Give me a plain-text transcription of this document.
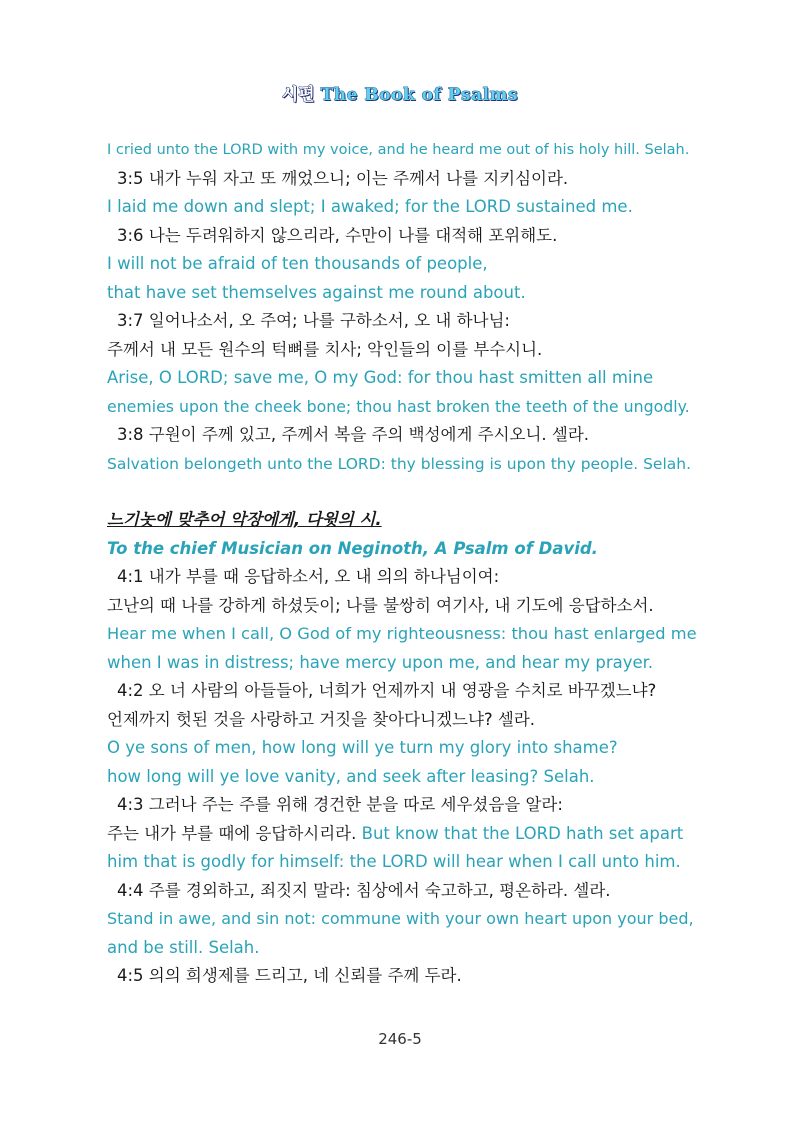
시편 The Book of Psalms
I cried unto the LORD with my voice, and he heard me out of his holy hill. Selah.
3:5 내가 누워 자고 또 깨었으니; 이는 주께서 나를 지키심이라.
I laid me down and slept; I awaked; for the LORD sustained me.
3:6 나는 두려워하지 않으리라, 수만이 나를 대적해 포위해도.
I will not be afraid of ten thousands of people,
that have set themselves against me round about.
3:7 일어나소서, 오 주여; 나를 구하소서, 오 내 하나님:
주께서 내 모든 원수의 턱뼈를 치사; 악인들의 이를 부수시니.
Arise, O LORD; save me, O my God: for thou hast smitten all mine
enemies upon the cheek bone; thou hast broken the teeth of the ungodly.
3:8 구원이 주께 있고, 주께서 복을 주의 백성에게 주시오니. 셀라.
Salvation belongeth unto the LORD: thy blessing is upon thy people. Selah.
느기놋에 맞추어 악장에게, 다윗의 시.
To the chief Musician on Neginoth, A Psalm of David.
4:1 내가 부를 때 응답하소서, 오 내 의의 하나님이여:
고난의 때 나를 강하게 하셨듯이; 나를 불쌍히 여기사, 내 기도에 응답하소서.
Hear me when I call, O God of my righteousness: thou hast enlarged me
when I was in distress; have mercy upon me, and hear my prayer.
4:2 오 너 사람의 아들들아, 너희가 언제까지 내 영광을 수치로 바꾸겠느냐?
언제까지 헛된 것을 사랑하고 거짓을 찾아다니겠느냐? 셀라.
O ye sons of men, how long will ye turn my glory into shame?
how long will ye love vanity, and seek after leasing? Selah.
4:3 그러나 주는 주를 위해 경건한 분을 따로 세우셨음을 알라:
주는 내가 부를 때에 응답하시리라. But know that the LORD hath set apart
him that is godly for himself: the LORD will hear when I call unto him.
4:4 주를 경외하고, 죄짓지 말라: 침상에서 숙고하고, 평온하라. 셀라.
Stand in awe, and sin not: commune with your own heart upon your bed,
and be still. Selah.
4:5 의의 희생제를 드리고, 네 신뢰를 주께 두라.
246-5
